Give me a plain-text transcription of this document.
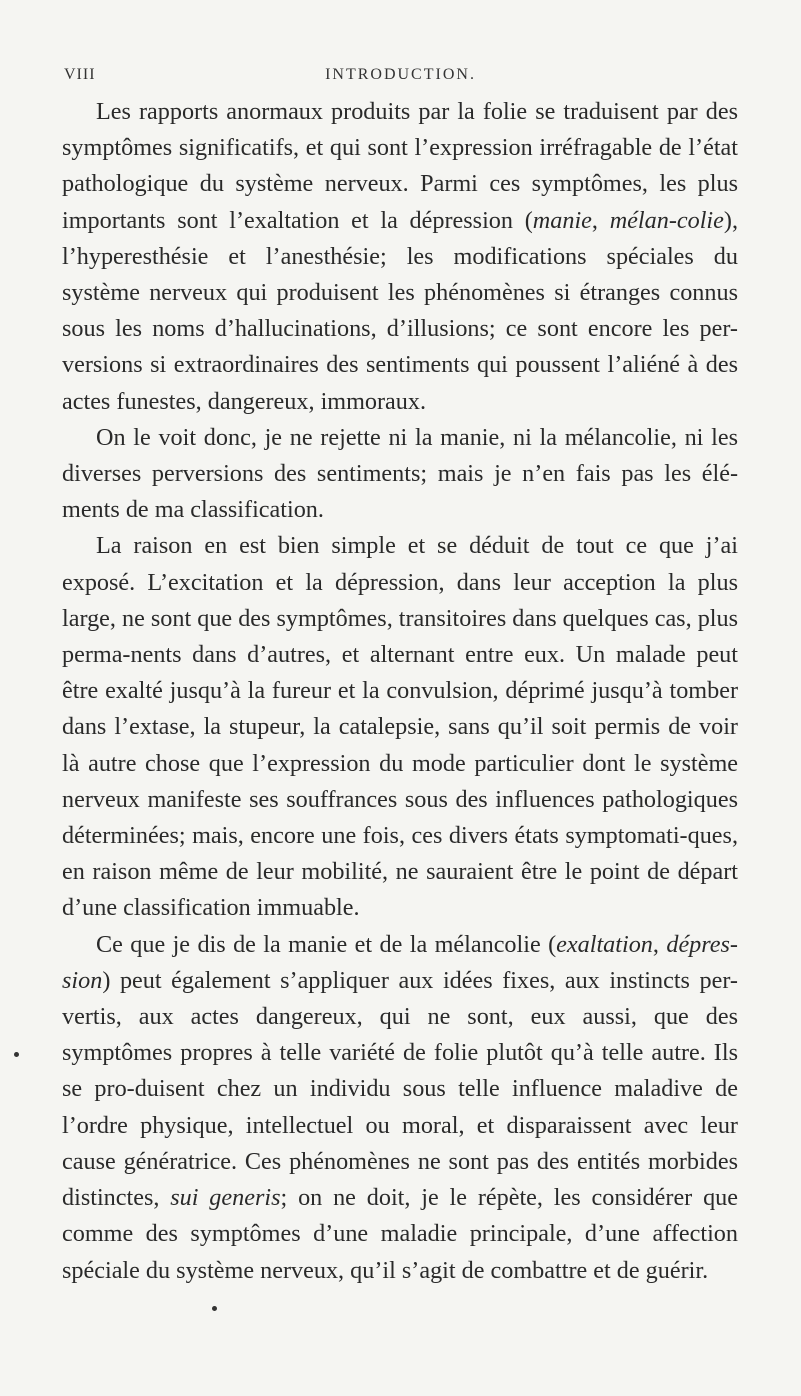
VIII	INTRODUCTION.

Les rapports anormaux produits par la folie se traduisent par des symptômes significatifs, et qui sont l’expression irréfragable de l’état pathologique du système nerveux. Parmi ces symptômes, les plus importants sont l’exaltation et la dépression (manie, mélan-colie), l’hyperesthésie et l’anesthésie; les modifications spéciales du système nerveux qui produisent les phénomènes si étranges connus sous les noms d’hallucinations, d’illusions; ce sont encore les per-versions si extraordinaires des sentiments qui poussent l’aliéné à des actes funestes, dangereux, immoraux.

On le voit donc, je ne rejette ni la manie, ni la mélancolie, ni les diverses perversions des sentiments; mais je n’en fais pas les élé-ments de ma classification.

La raison en est bien simple et se déduit de tout ce que j’ai exposé. L’excitation et la dépression, dans leur acception la plus large, ne sont que des symptômes, transitoires dans quelques cas, plus perma-nents dans d’autres, et alternant entre eux. Un malade peut être exalté jusqu’à la fureur et la convulsion, déprimé jusqu’à tomber dans l’extase, la stupeur, la catalepsie, sans qu’il soit permis de voir là autre chose que l’expression du mode particulier dont le système nerveux manifeste ses souffrances sous des influences pathologiques déterminées; mais, encore une fois, ces divers états symptomati-ques, en raison même de leur mobilité, ne sauraient être le point de départ d’une classification immuable.

Ce que je dis de la manie et de la mélancolie (exaltation, dépres-sion) peut également s’appliquer aux idées fixes, aux instincts per-vertis, aux actes dangereux, qui ne sont, eux aussi, que des symptômes propres à telle variété de folie plutôt qu’à telle autre. Ils se pro-duisent chez un individu sous telle influence maladive de l’ordre physique, intellectuel ou moral, et disparaissent avec leur cause génératrice. Ces phénomènes ne sont pas des entités morbides distinctes, sui generis; on ne doit, je le répète, les considérer que comme des symptômes d’une maladie principale, d’une affection spéciale du système nerveux, qu’il s’agit de combattre et de guérir.
